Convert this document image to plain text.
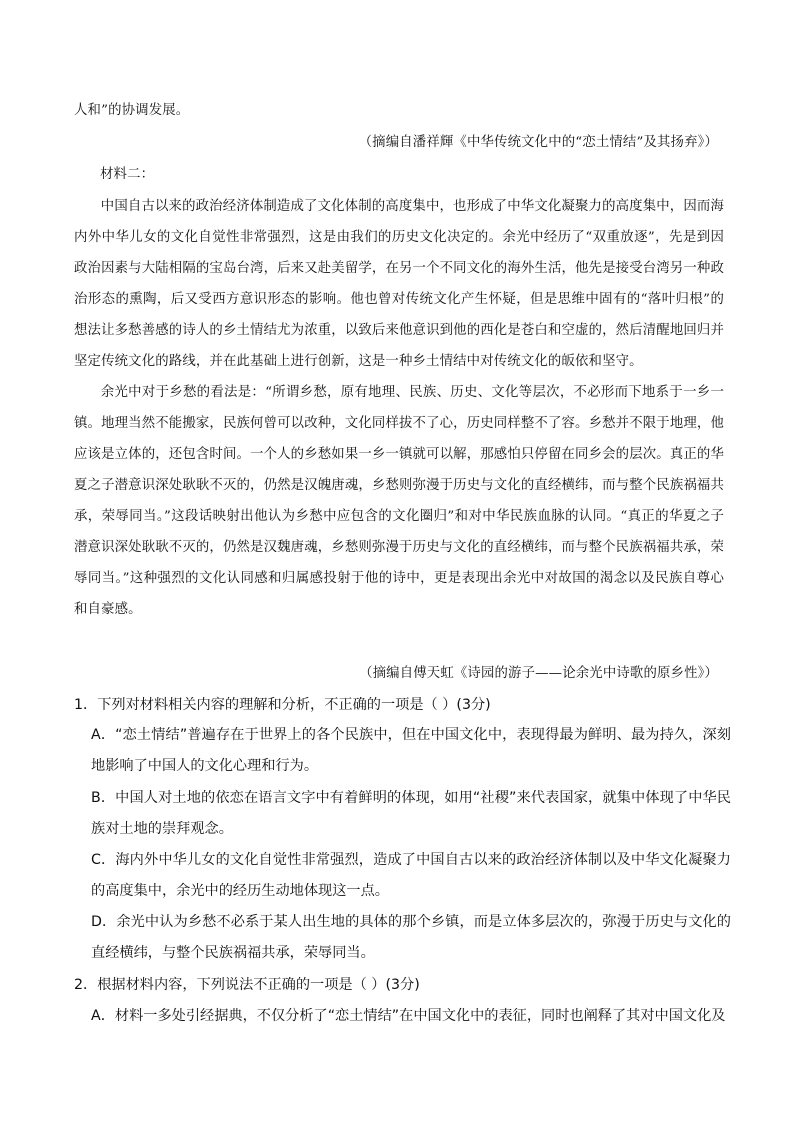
人和”的协调发展。

（摘编自潘祥輝《中华传统文化中的“恋土情结”及其扬弃》）
材料二：

中国自古以来的政治经济体制造成了文化体制的高度集中，也形成了中华文化凝聚力的高度集中，因而海内外中华儿女的文化自觉性非常强烈，这是由我们的历史文化决定的。余光中经历了“双重放逐”，先是到因政治因素与大陆相隔的宝岛台湾，后来又赴美留学，在另一个不同文化的海外生活，他先是接受台湾另一种政治形态的熏陶，后又受西方意识形态的影响。他也曾对传统文化产生怀疑，但是思维中固有的“落叶归根”的想法让多愁善感的诗人的乡土情结尤为浓重，以致后来他意识到他的西化是苍白和空虚的，然后清醒地回归并坚定传统文化的路线，并在此基础上进行创新，这是一种乡土情结中对传统文化的皈依和坚守。

余光中对于乡愁的看法是：“所谓乡愁，原有地理、民族、历史、文化等层次，不必形而下地系于一乡一镇。地理当然不能搬家，民族何曾可以改种，文化同样拔不了心，历史同样整不了容。乡愁并不限于地理，他应该是立体的，还包含时间。一个人的乡愁如果一乡一镇就可以解，那感怕只停留在同乡会的层次。真正的华夏之子潜意识深处耿耿不灭的，仍然是汉魄唐魂，乡愁则弥漫于历史与文化的直经横纬，而与整个民族祸福共承，荣辱同当。”这段话映射出他认为乡愁中应包含的文化圈归”和对中华民族血脉的认同。“真正的华夏之子潜意识深处耿耿不灭的，仍然是汉魏唐魂，乡愁则弥漫于历史与文化的直经横纬，而与整个民族祸福共承，荣辱同当。”这种强烈的文化认同感和归属感投射于他的诗中，更是表现出余光中对故国的渴念以及民族自尊心和自豪感。

（摘编自傅天虹《诗园的游子——论余光中诗歌的原乡性》）
1．下列对材料相关内容的理解和分析，不正确的一项是（ ）(3分)
A．“恋土情结”普遍存在于世界上的各个民族中，但在中国文化中，表现得最为鲜明、最为持久，深刻地影响了中国人的文化心理和行为。
B．中国人对土地的依恋在语言文字中有着鲜明的体现，如用“社稷”来代表国家，就集中体现了中华民族对土地的崇拜观念。
C．海内外中华儿女的文化自觉性非常强烈，造成了中国自古以来的政治经济体制以及中华文化凝聚力的高度集中，余光中的经历生动地体现这一点。
D．余光中认为乡愁不必系于某人出生地的具体的那个乡镇，而是立体多层次的，弥漫于历史与文化的直经横纬，与整个民族祸福共承，荣辱同当。
2．根据材料内容，下列说法不正确的一项是（ ）(3分)
A．材料一多处引经据典，不仅分析了“恋土情结”在中国文化中的表征，同时也阐释了其对中国文化及
